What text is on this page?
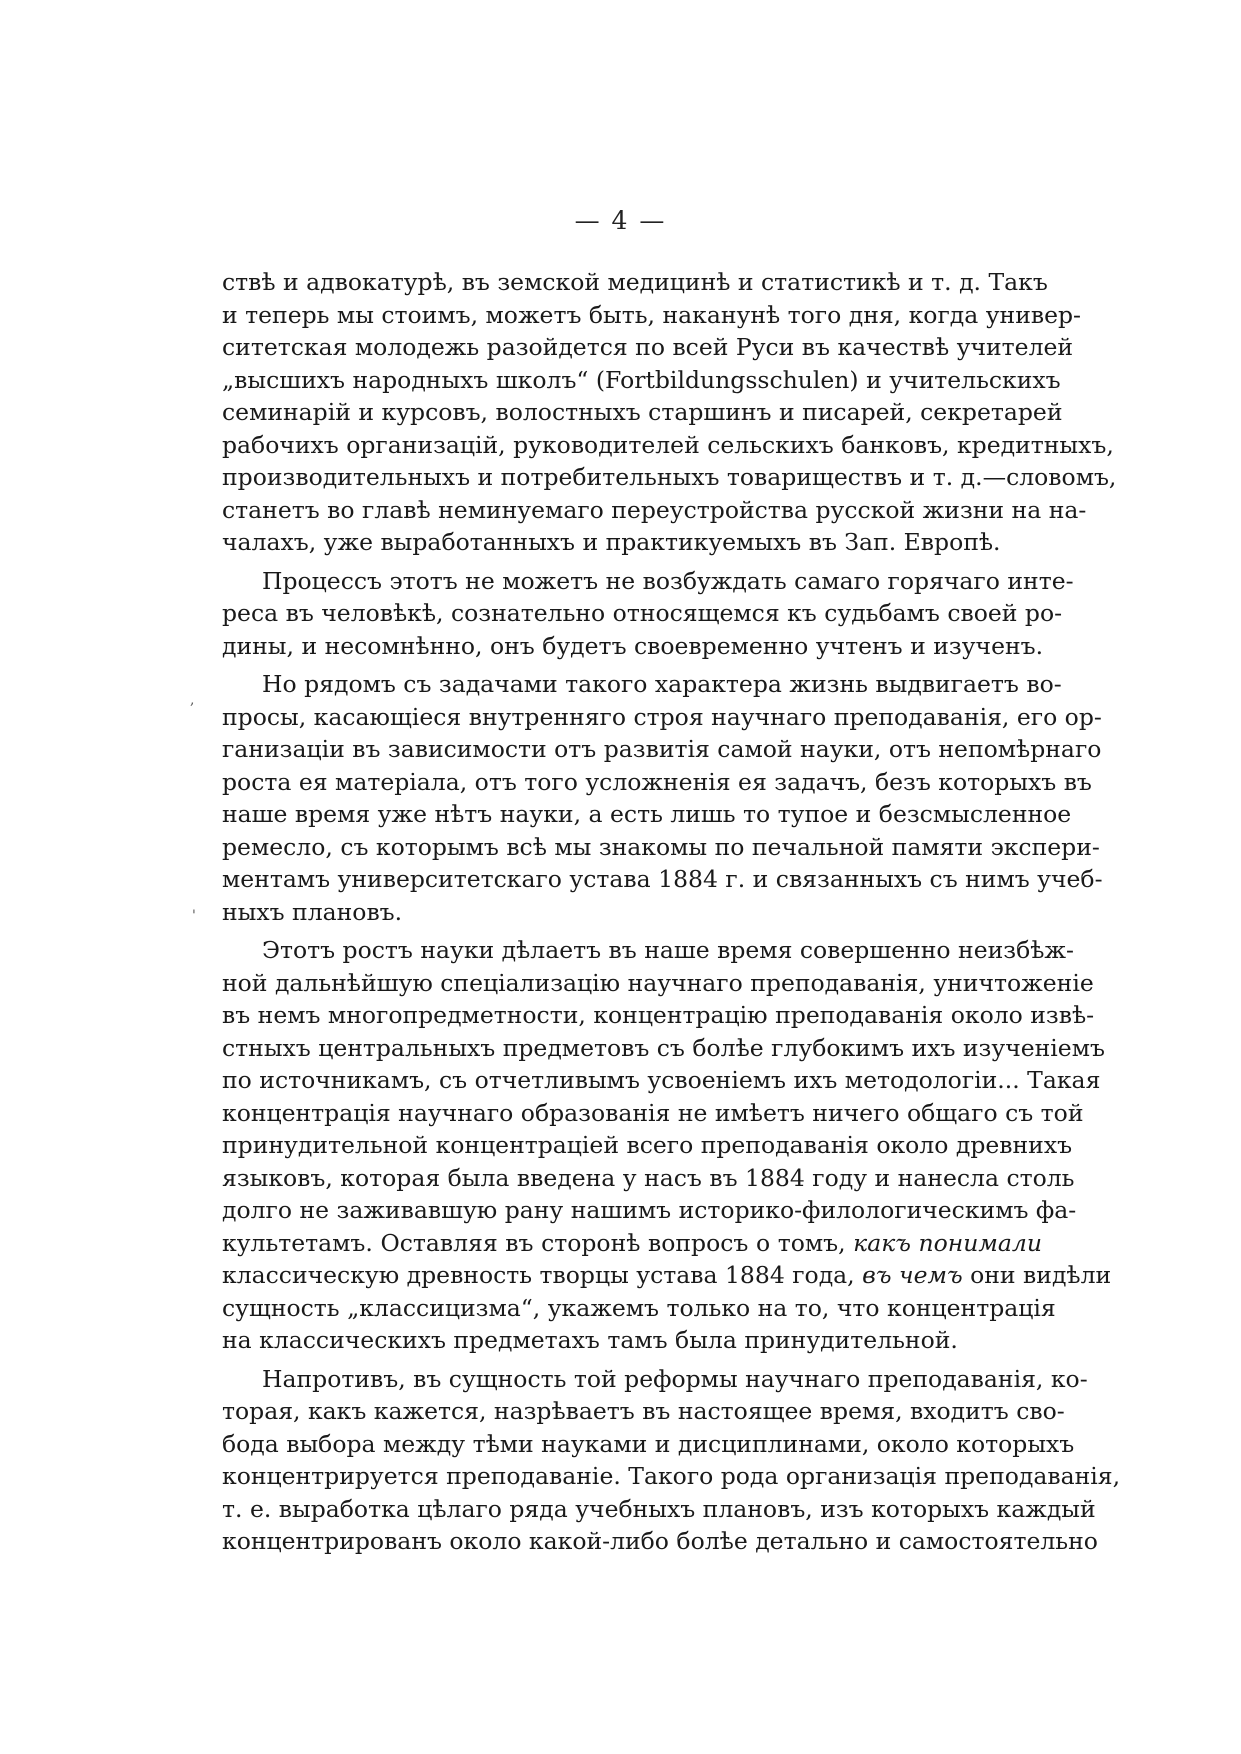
— 4 —
ствѣ и адвокатурѣ, въ земской медицинѣ и статистикѣ и т. д. Такъ
и теперь мы стоимъ, можетъ быть, наканунѣ того дня, когда универ-
ситетская молодежь разойдется по всей Руси въ качествѣ учителей
„высшихъ народныхъ школъ“ (Fortbildungsschulen) и учительскихъ
семинарій и курсовъ, волостныхъ старшинъ и писарей, секретарей
рабочихъ организацій, руководителей сельскихъ банковъ, кредитныхъ,
производительныхъ и потребительныхъ товариществъ и т. д.—словомъ,
станетъ во главѣ неминуемаго переустройства русской жизни на на-
чалахъ, уже выработанныхъ и практикуемыхъ въ Зап. Европѣ.
Процессъ этотъ не можетъ не возбуждать самаго горячаго инте-
реса въ человѣкѣ, сознательно относящемся къ судьбамъ своей ро-
дины, и несомнѣнно, онъ будетъ своевременно учтенъ и изученъ.
Но рядомъ съ задачами такого характера жизнь выдвигаетъ во-
просы, касающіеся внутренняго строя научнаго преподаванія, его ор-
ганизаціи въ зависимости отъ развитія самой науки, отъ непомѣрнаго
роста ея матеріала, отъ того усложненія ея задачъ, безъ которыхъ въ
наше время уже нѣтъ науки, а есть лишь то тупое и безсмысленное
ремесло, съ которымъ всѣ мы знакомы по печальной памяти экспери-
ментамъ университетскаго устава 1884 г. и связанныхъ съ нимъ учеб-
ныхъ плановъ.
Этотъ ростъ науки дѣлаетъ въ наше время совершенно неизбѣж-
ной дальнѣйшую спеціализацію научнаго преподаванія, уничтоженіе
въ немъ многопредметности, концентрацію преподаванія около извѣ-
стныхъ центральныхъ предметовъ съ болѣе глубокимъ ихъ изученіемъ
по источникамъ, съ отчетливымъ усвоеніемъ ихъ методологіи... Такая
концентрація научнаго образованія не имѣетъ ничего общаго съ той
принудительной концентраціей всего преподаванія около древнихъ
языковъ, которая была введена у насъ въ 1884 году и нанесла столь
долго не заживавшую рану нашимъ историко-филологическимъ фа-
культетамъ. Оставляя въ сторонѣ вопросъ о томъ, какъ понимали
классическую древность творцы устава 1884 года, въ чемъ они видѣли
сущность „классицизма“, укажемъ только на то, что концентрація
на классическихъ предметахъ тамъ была принудительной.
Напротивъ, въ сущность той реформы научнаго преподаванія, ко-
торая, какъ кажется, назрѣваетъ въ настоящее время, входитъ сво-
бода выбора между тѣми науками и дисциплинами, около которыхъ
концентрируется преподаваніе. Такого рода организація преподаванія,
т. е. выработка цѣлаго ряда учебныхъ плановъ, изъ которыхъ каждый
концентрированъ около какой-либо болѣе детально и самостоятельно
,
'
